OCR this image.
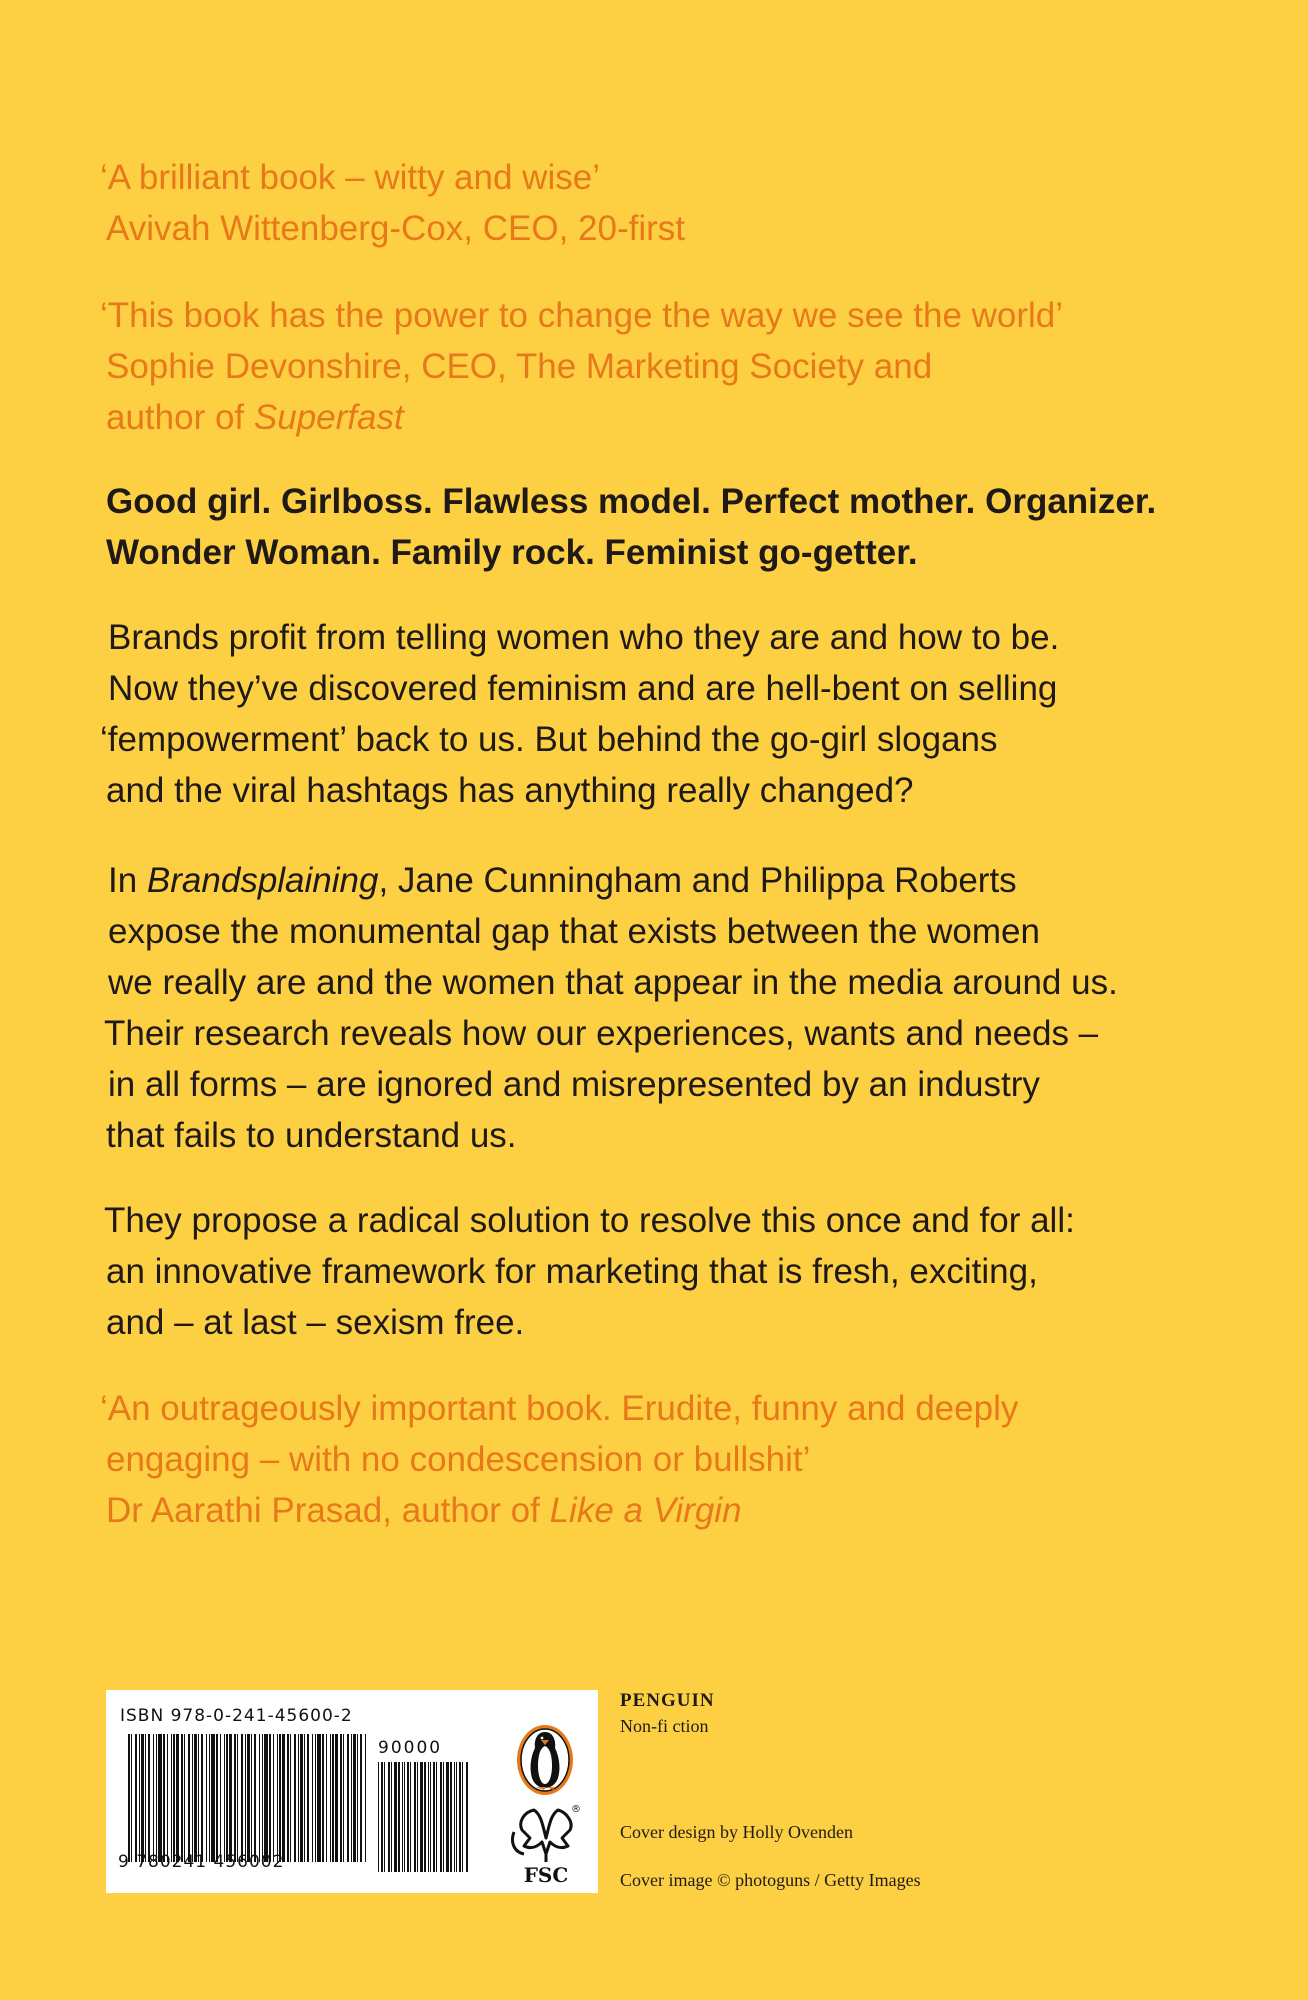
‘A brilliant book – witty and wise’
Avivah Wittenberg-Cox, CEO, 20-first
‘This book has the power to change the way we see the world’
Sophie Devonshire, CEO, The Marketing Society and
author of Superfast
Good girl. Girlboss. Flawless model. Perfect mother. Organizer.
Wonder Woman. Family rock. Feminist go-getter.
Brands profit from telling women who they are and how to be.
Now they’ve discovered feminism and are hell-bent on selling
‘fempowerment’ back to us. But behind the go-girl slogans
and the viral hashtags has anything really changed?
In Brandsplaining, Jane Cunningham and Philippa Roberts
expose the monumental gap that exists between the women
we really are and the women that appear in the media around us.
Their research reveals how our experiences, wants and needs –
in all forms – are ignored and misrepresented by an industry
that fails to understand us.
They propose a radical solution to resolve this once and for all:
an innovative framework for marketing that is fresh, exciting,
and – at last – sexism free.
‘An outrageously important book. Erudite, funny and deeply
engaging – with no condescension or bullshit’
Dr Aarathi Prasad, author of Like a Virgin
ISBN 978-0-241-45600-2
90000
9 780241 456002
FSC
®
PENGUIN
Non-fi ction
Cover design by Holly Ovenden
Cover image © photoguns / Getty Images
